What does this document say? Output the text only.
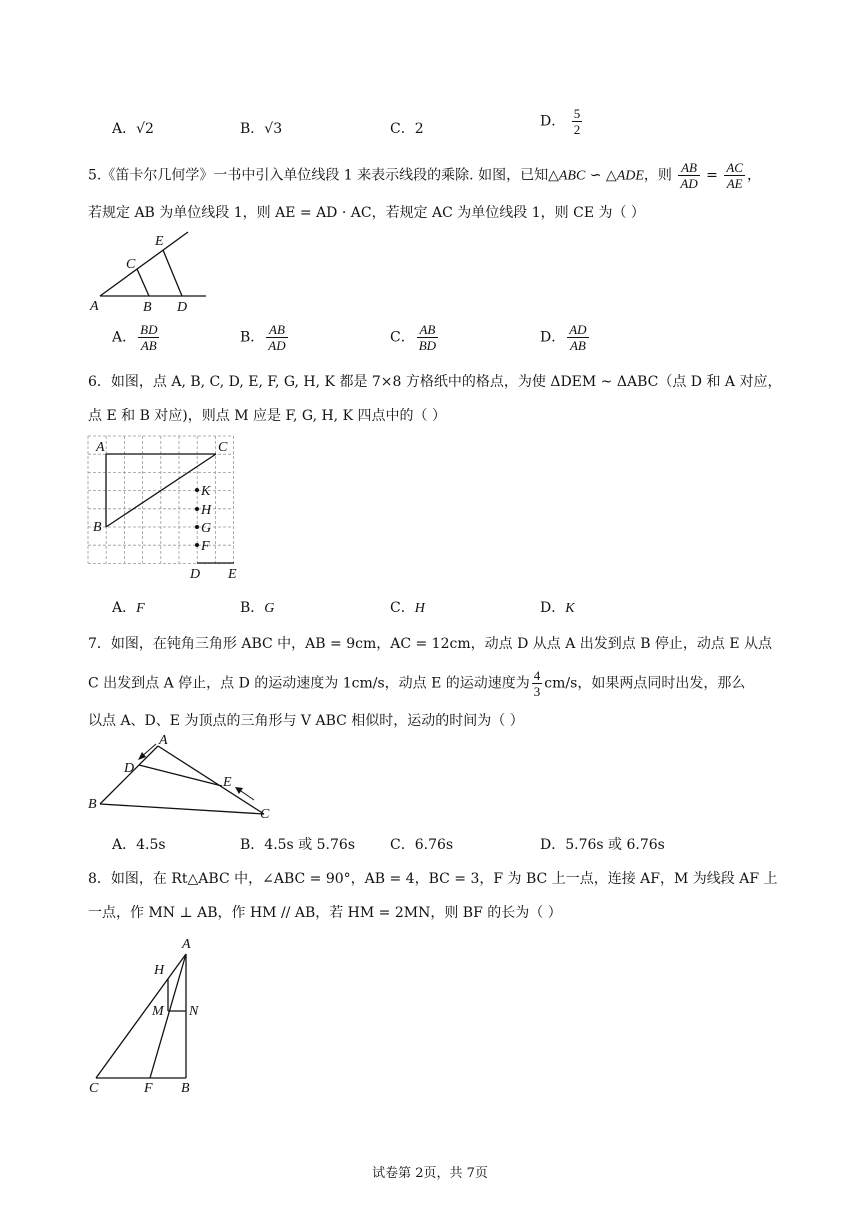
A．√2	B．√3	C．2	D． $\frac{5}{2}$
5.《笛卡尔几何学》一书中引入单位线段 1 来表示线段的乘除. 如图，已知△ABC ∽ △ADE，则 $\frac{AB}{AD} = \frac{AC}{AE}$ ，
若规定 AB 为单位线段 1，则 AE = AD · AC，若规定 AC 为单位线段 1，则 CE 为（ ）
E
C
A	B D
A． $\frac{BD}{AB}$	B． $\frac{AB}{AD}$	C． $\frac{AB}{BD}$	D． $\frac{AD}{AB}$
6．如图，点 A, B, C, D, E, F, G, H, K 都是 7×8 方格纸中的格点，为使 ΔDEM ~ ΔABC（点 D 和 A 对应，
点 E 和 B 对应)，则点 M 应是 F, G, H, K 四点中的（ ）
A	C
B
K
H
G
F
D E
A．F	B．G	C．H	D．K
7．如图，在钝角三角形 ABC 中，AB = 9cm，AC = 12cm，动点 D 从点 A 出发到点 B 停止，动点 E 从点
C 出发到点 A 停止，点 D 的运动速度为 1cm/s，动点 E 的运动速度为 $\frac{4}{3} cm/s$，如果两点同时出发，那么
以点 A、D、E 为顶点的三角形与 V ABC 相似时，运动的时间为（ ）
A
D
E
B
C
A．4.5s	B．4.5s 或 5.76s C．6.76s	D．5.76s 或 6.76s
8．如图，在 Rt△ABC 中，∠ABC = 90°，AB = 4，BC = 3，F 为 BC 上一点，连接 AF，M 为线段 AF 上
一点，作 MN ⊥ AB，作 HM // AB，若 HM = 2MN，则 BF 的长为（ ）
A
H
M N
C	F B
试卷第 2页，共 7页
